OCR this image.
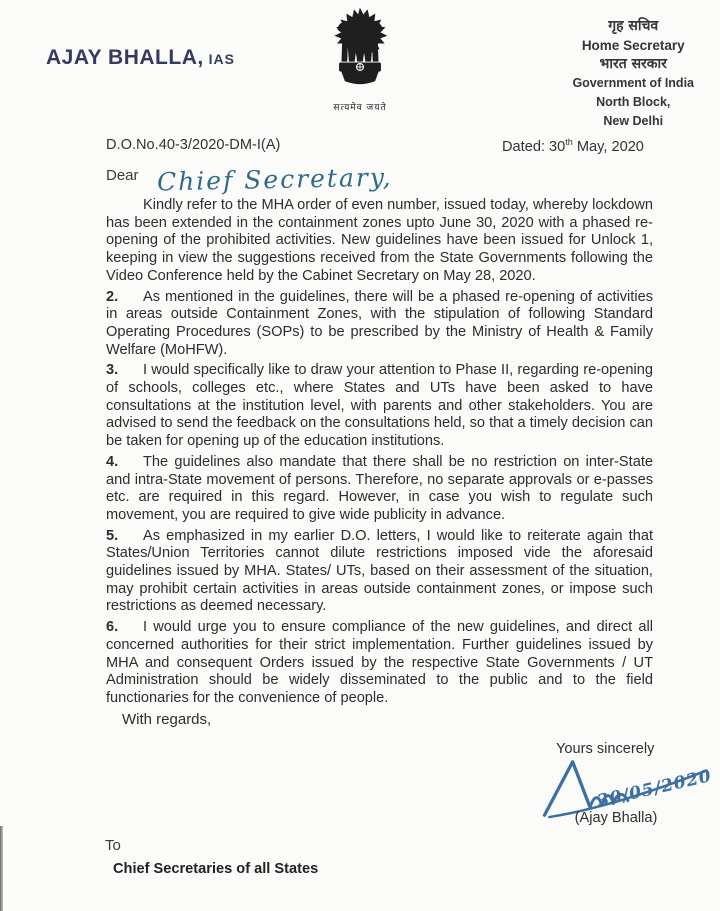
AJAY BHALLA, IAS
सत्यमेव जयते
गृह सचिव
Home Secretary
भारत सरकार
Government of India
North Block,
New Delhi
D.O.No.40-3/2020-DM-I(A)	Dated: 30th May, 2020
Dear Chief Secretary,
Kindly refer to the MHA order of even number, issued today, whereby lockdown has been extended in the containment zones upto June 30, 2020 with a phased re-opening of the prohibited activities. New guidelines have been issued for Unlock 1, keeping in view the suggestions received from the State Governments following the Video Conference held by the Cabinet Secretary on May 28, 2020.
2. As mentioned in the guidelines, there will be a phased re-opening of activities in areas outside Containment Zones, with the stipulation of following Standard Operating Procedures (SOPs) to be prescribed by the Ministry of Health & Family Welfare (MoHFW).
3. I would specifically like to draw your attention to Phase II, regarding re-opening of schools, colleges etc., where States and UTs have been asked to have consultations at the institution level, with parents and other stakeholders. You are advised to send the feedback on the consultations held, so that a timely decision can be taken for opening up of the education institutions.
4. The guidelines also mandate that there shall be no restriction on inter-State and intra-State movement of persons. Therefore, no separate approvals or e-passes etc. are required in this regard. However, in case you wish to regulate such movement, you are required to give wide publicity in advance.
5. As emphasized in my earlier D.O. letters, I would like to reiterate again that States/Union Territories cannot dilute restrictions imposed vide the aforesaid guidelines issued by MHA. States/ UTs, based on their assessment of the situation, may prohibit certain activities in areas outside containment zones, or impose such restrictions as deemed necessary.
6. I would urge you to ensure compliance of the new guidelines, and direct all concerned authorities for their strict implementation. Further guidelines issued by MHA and consequent Orders issued by the respective State Governments / UT Administration should be widely disseminated to the public and to the field functionaries for the convenience of people.
With regards,
Yours sincerely
30/05/2020
(Ajay Bhalla)
To
Chief Secretaries of all States
